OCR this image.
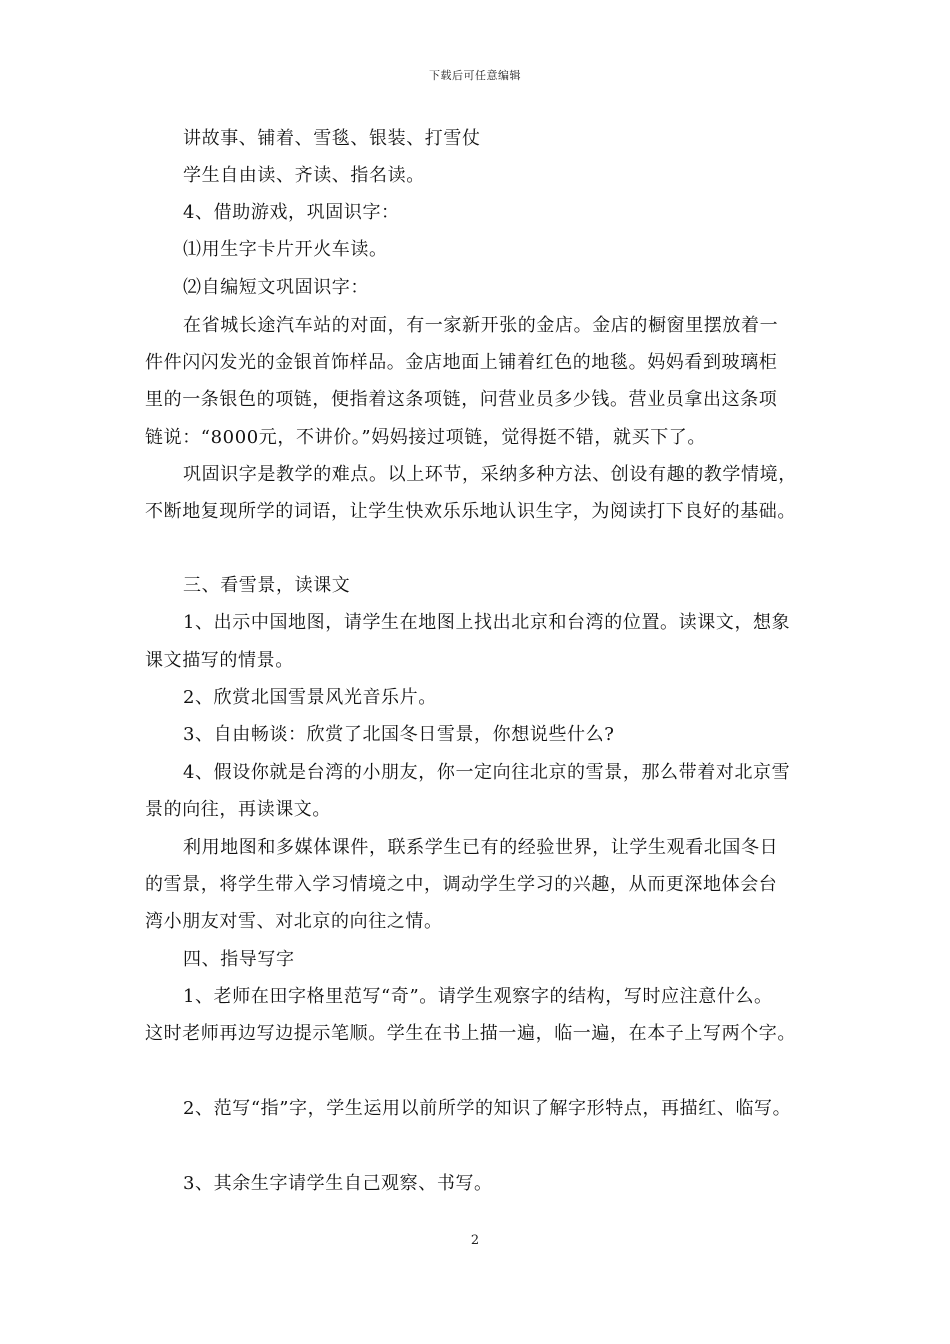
下载后可任意编辑
讲故事、铺着、雪毯、银装、打雪仗
学生自由读、齐读、指名读。
4、借助游戏，巩固识字：
⑴用生字卡片开火车读。
⑵自编短文巩固识字：
在省城长途汽车站的对面，有一家新开张的金店。金店的橱窗里摆放着一
件件闪闪发光的金银首饰样品。金店地面上铺着红色的地毯。妈妈看到玻璃柜
里的一条银色的项链，便指着这条项链，问营业员多少钱。营业员拿出这条项
链说：“8000元，不讲价。”妈妈接过项链，觉得挺不错，就买下了。
巩固识字是教学的难点。以上环节，采纳多种方法、创设有趣的教学情境，
不断地复现所学的词语，让学生快欢乐乐地认识生字，为阅读打下良好的基础。
三、看雪景，读课文
1、出示中国地图，请学生在地图上找出北京和台湾的位置。读课文，想象
课文描写的情景。
2、欣赏北国雪景风光音乐片。
3、自由畅谈：欣赏了北国冬日雪景，你想说些什么?
4、假设你就是台湾的小朋友，你一定向往北京的雪景，那么带着对北京雪
景的向往，再读课文。
利用地图和多媒体课件，联系学生已有的经验世界，让学生观看北国冬日
的雪景，将学生带入学习情境之中，调动学生学习的兴趣，从而更深地体会台
湾小朋友对雪、对北京的向往之情。
四、指导写字
1、老师在田字格里范写“奇”。请学生观察字的结构，写时应注意什么。
这时老师再边写边提示笔顺。学生在书上描一遍，临一遍，在本子上写两个字。
2、范写“指”字，学生运用以前所学的知识了解字形特点，再描红、临写。
3、其余生字请学生自己观察、书写。
2
